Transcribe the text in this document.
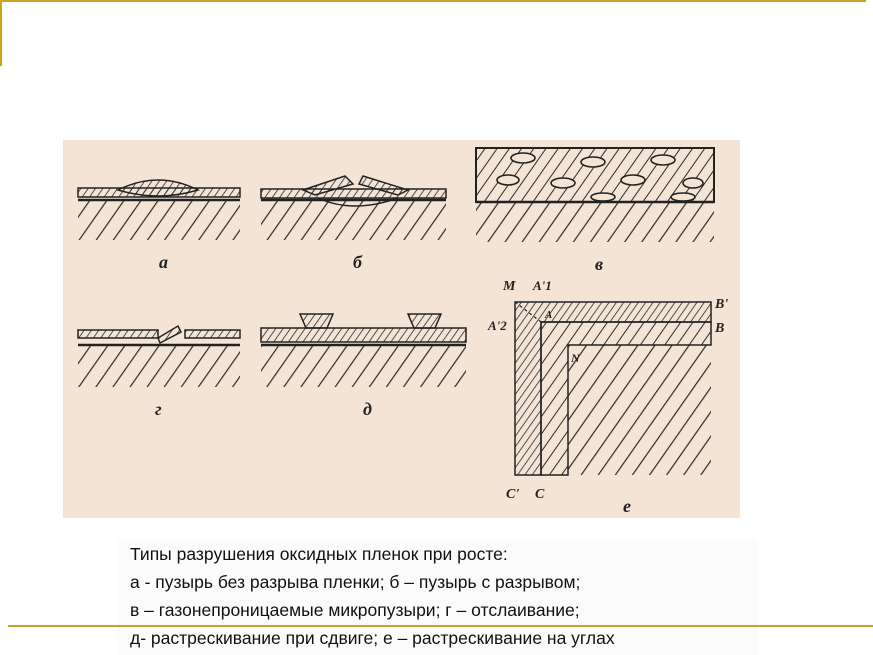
а	б	в
г	д
е
M A'1
A'2
A
B'
B
N
C' C
Типы разрушения оксидных пленок при росте:
а - пузырь без разрыва пленки; б – пузырь с разрывом;
в – газонепроницаемые микропузыри; г – отслаивание;
д- растрескивание при сдвиге; е – растрескивание на углах
